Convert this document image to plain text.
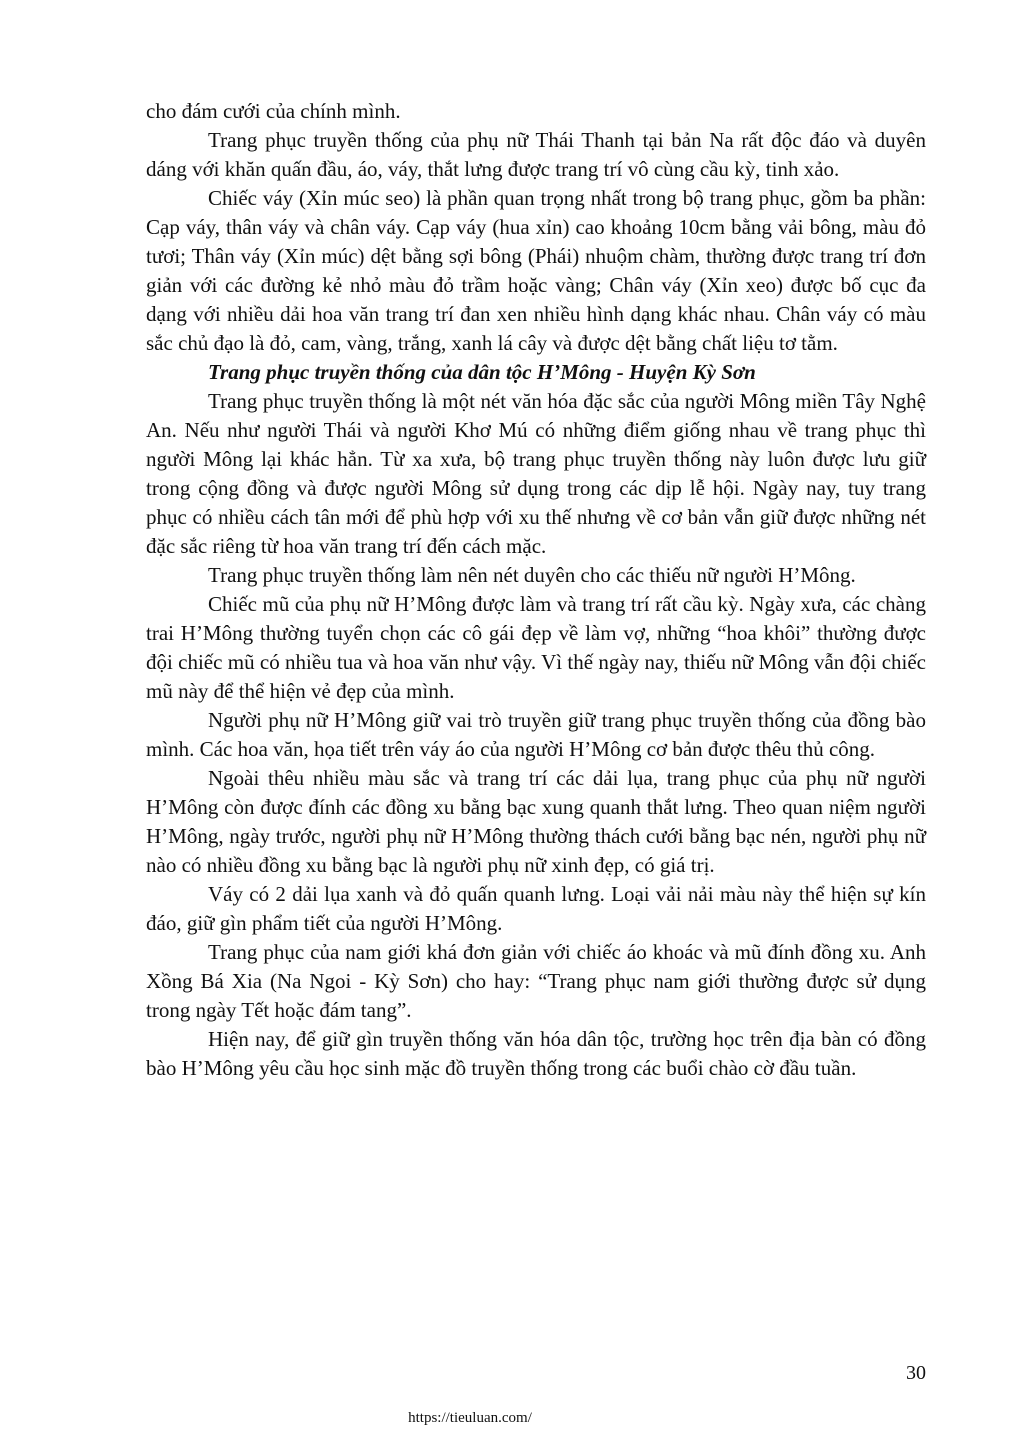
cho đám cưới của chính mình.

Trang phục truyền thống của phụ nữ Thái Thanh tại bản Na rất độc đáo và duyên dáng với khăn quấn đầu, áo, váy, thắt lưng được trang trí vô cùng cầu kỳ, tinh xảo.

Chiếc váy (Xỉn múc seo) là phần quan trọng nhất trong bộ trang phục, gồm ba phần: Cạp váy, thân váy và chân váy. Cạp váy (hua xỉn) cao khoảng 10cm bằng vải bông, màu đỏ tươi; Thân váy (Xỉn múc) dệt bằng sợi bông (Phái) nhuộm chàm, thường được trang trí đơn giản với các đường kẻ nhỏ màu đỏ trầm hoặc vàng; Chân váy (Xỉn xeo) được bố cục đa dạng với nhiều dải hoa văn trang trí đan xen nhiều hình dạng khác nhau. Chân váy có màu sắc chủ đạo là đỏ, cam, vàng, trắng, xanh lá cây và được dệt bằng chất liệu tơ tằm.

Trang phục truyền thống của dân tộc H’Mông - Huyện Kỳ Sơn

Trang phục truyền thống là một nét văn hóa đặc sắc của người Mông miền Tây Nghệ An. Nếu như người Thái và người Khơ Mú có những điểm giống nhau về trang phục thì người Mông lại khác hẳn. Từ xa xưa, bộ trang phục truyền thống này luôn được lưu giữ trong cộng đồng và được người Mông sử dụng trong các dịp lễ hội. Ngày nay, tuy trang phục có nhiều cách tân mới để phù hợp với xu thế nhưng về cơ bản vẫn giữ được những nét đặc sắc riêng từ hoa văn trang trí đến cách mặc.

Trang phục truyền thống làm nên nét duyên cho các thiếu nữ người H’Mông.

Chiếc mũ của phụ nữ H’Mông được làm và trang trí rất cầu kỳ. Ngày xưa, các chàng trai H’Mông thường tuyển chọn các cô gái đẹp về làm vợ, những “hoa khôi” thường được đội chiếc mũ có nhiều tua và hoa văn như vậy. Vì thế ngày nay, thiếu nữ Mông vẫn đội chiếc mũ này để thể hiện vẻ đẹp của mình.

Người phụ nữ H’Mông giữ vai trò truyền giữ trang phục truyền thống của đồng bào mình. Các hoa văn, họa tiết trên váy áo của người H’Mông cơ bản được thêu thủ công.

Ngoài thêu nhiều màu sắc và trang trí các dải lụa, trang phục của phụ nữ người H’Mông còn được đính các đồng xu bằng bạc xung quanh thắt lưng. Theo quan niệm người H’Mông, ngày trước, người phụ nữ H’Mông thường thách cưới bằng bạc nén, người phụ nữ nào có nhiều đồng xu bằng bạc là người phụ nữ xinh đẹp, có giá trị.

Váy có 2 dải lụa xanh và đỏ quấn quanh lưng. Loại vải nải màu này thể hiện sự kín đáo, giữ gìn phẩm tiết của người H’Mông.

Trang phục của nam giới khá đơn giản với chiếc áo khoác và mũ đính đồng xu. Anh Xồng Bá Xia (Na Ngoi - Kỳ Sơn) cho hay: “Trang phục nam giới thường được sử dụng trong ngày Tết hoặc đám tang”.

Hiện nay, để giữ gìn truyền thống văn hóa dân tộc, trường học trên địa bàn có đồng bào H’Mông yêu cầu học sinh mặc đồ truyền thống trong các buổi chào cờ đầu tuần.

30
https://tieuluan.com/
